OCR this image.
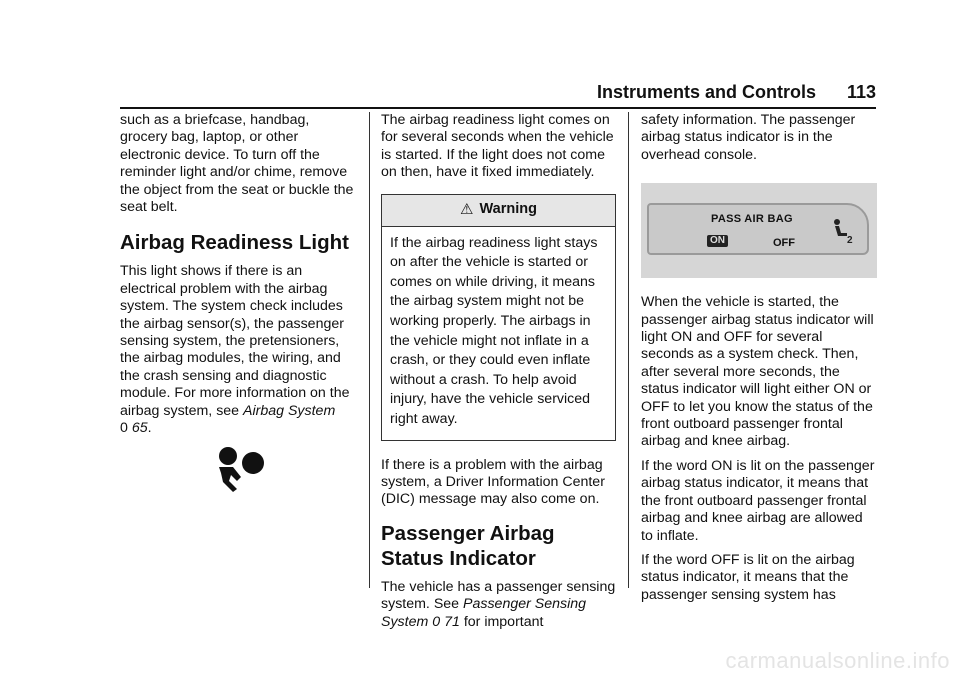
Instruments and Controls 113

such as a briefcase, handbag, grocery bag, laptop, or other electronic device. To turn off the reminder light and/or chime, remove the object from the seat or buckle the seat belt.

Airbag Readiness Light

This light shows if there is an electrical problem with the airbag system. The system check includes the airbag sensor(s), the passenger sensing system, the pretensioners, the airbag modules, the wiring, and the crash sensing and diagnostic module. For more information on the airbag system, see Airbag System
0 65.

The airbag readiness light comes on for several seconds when the vehicle is started. If the light does not come on then, have it fixed immediately.

⚠ Warning
If the airbag readiness light stays on after the vehicle is started or comes on while driving, it means the airbag system might not be working properly. The airbags in the vehicle might not inflate in a crash, or they could even inflate without a crash. To help avoid injury, have the vehicle serviced right away.

If there is a problem with the airbag system, a Driver Information Center (DIC) message may also come on.

Passenger Airbag Status Indicator

The vehicle has a passenger sensing system. See Passenger Sensing System 0 71 for important

safety information. The passenger airbag status indicator is in the overhead console.

PASS AIR BAG
ON	OFF	2

When the vehicle is started, the passenger airbag status indicator will light ON and OFF for several seconds as a system check. Then, after several more seconds, the status indicator will light either ON or OFF to let you know the status of the front outboard passenger frontal airbag and knee airbag.

If the word ON is lit on the passenger airbag status indicator, it means that the front outboard passenger frontal airbag and knee airbag are allowed to inflate.

If the word OFF is lit on the airbag status indicator, it means that the passenger sensing system has

carmanualsonline.info
